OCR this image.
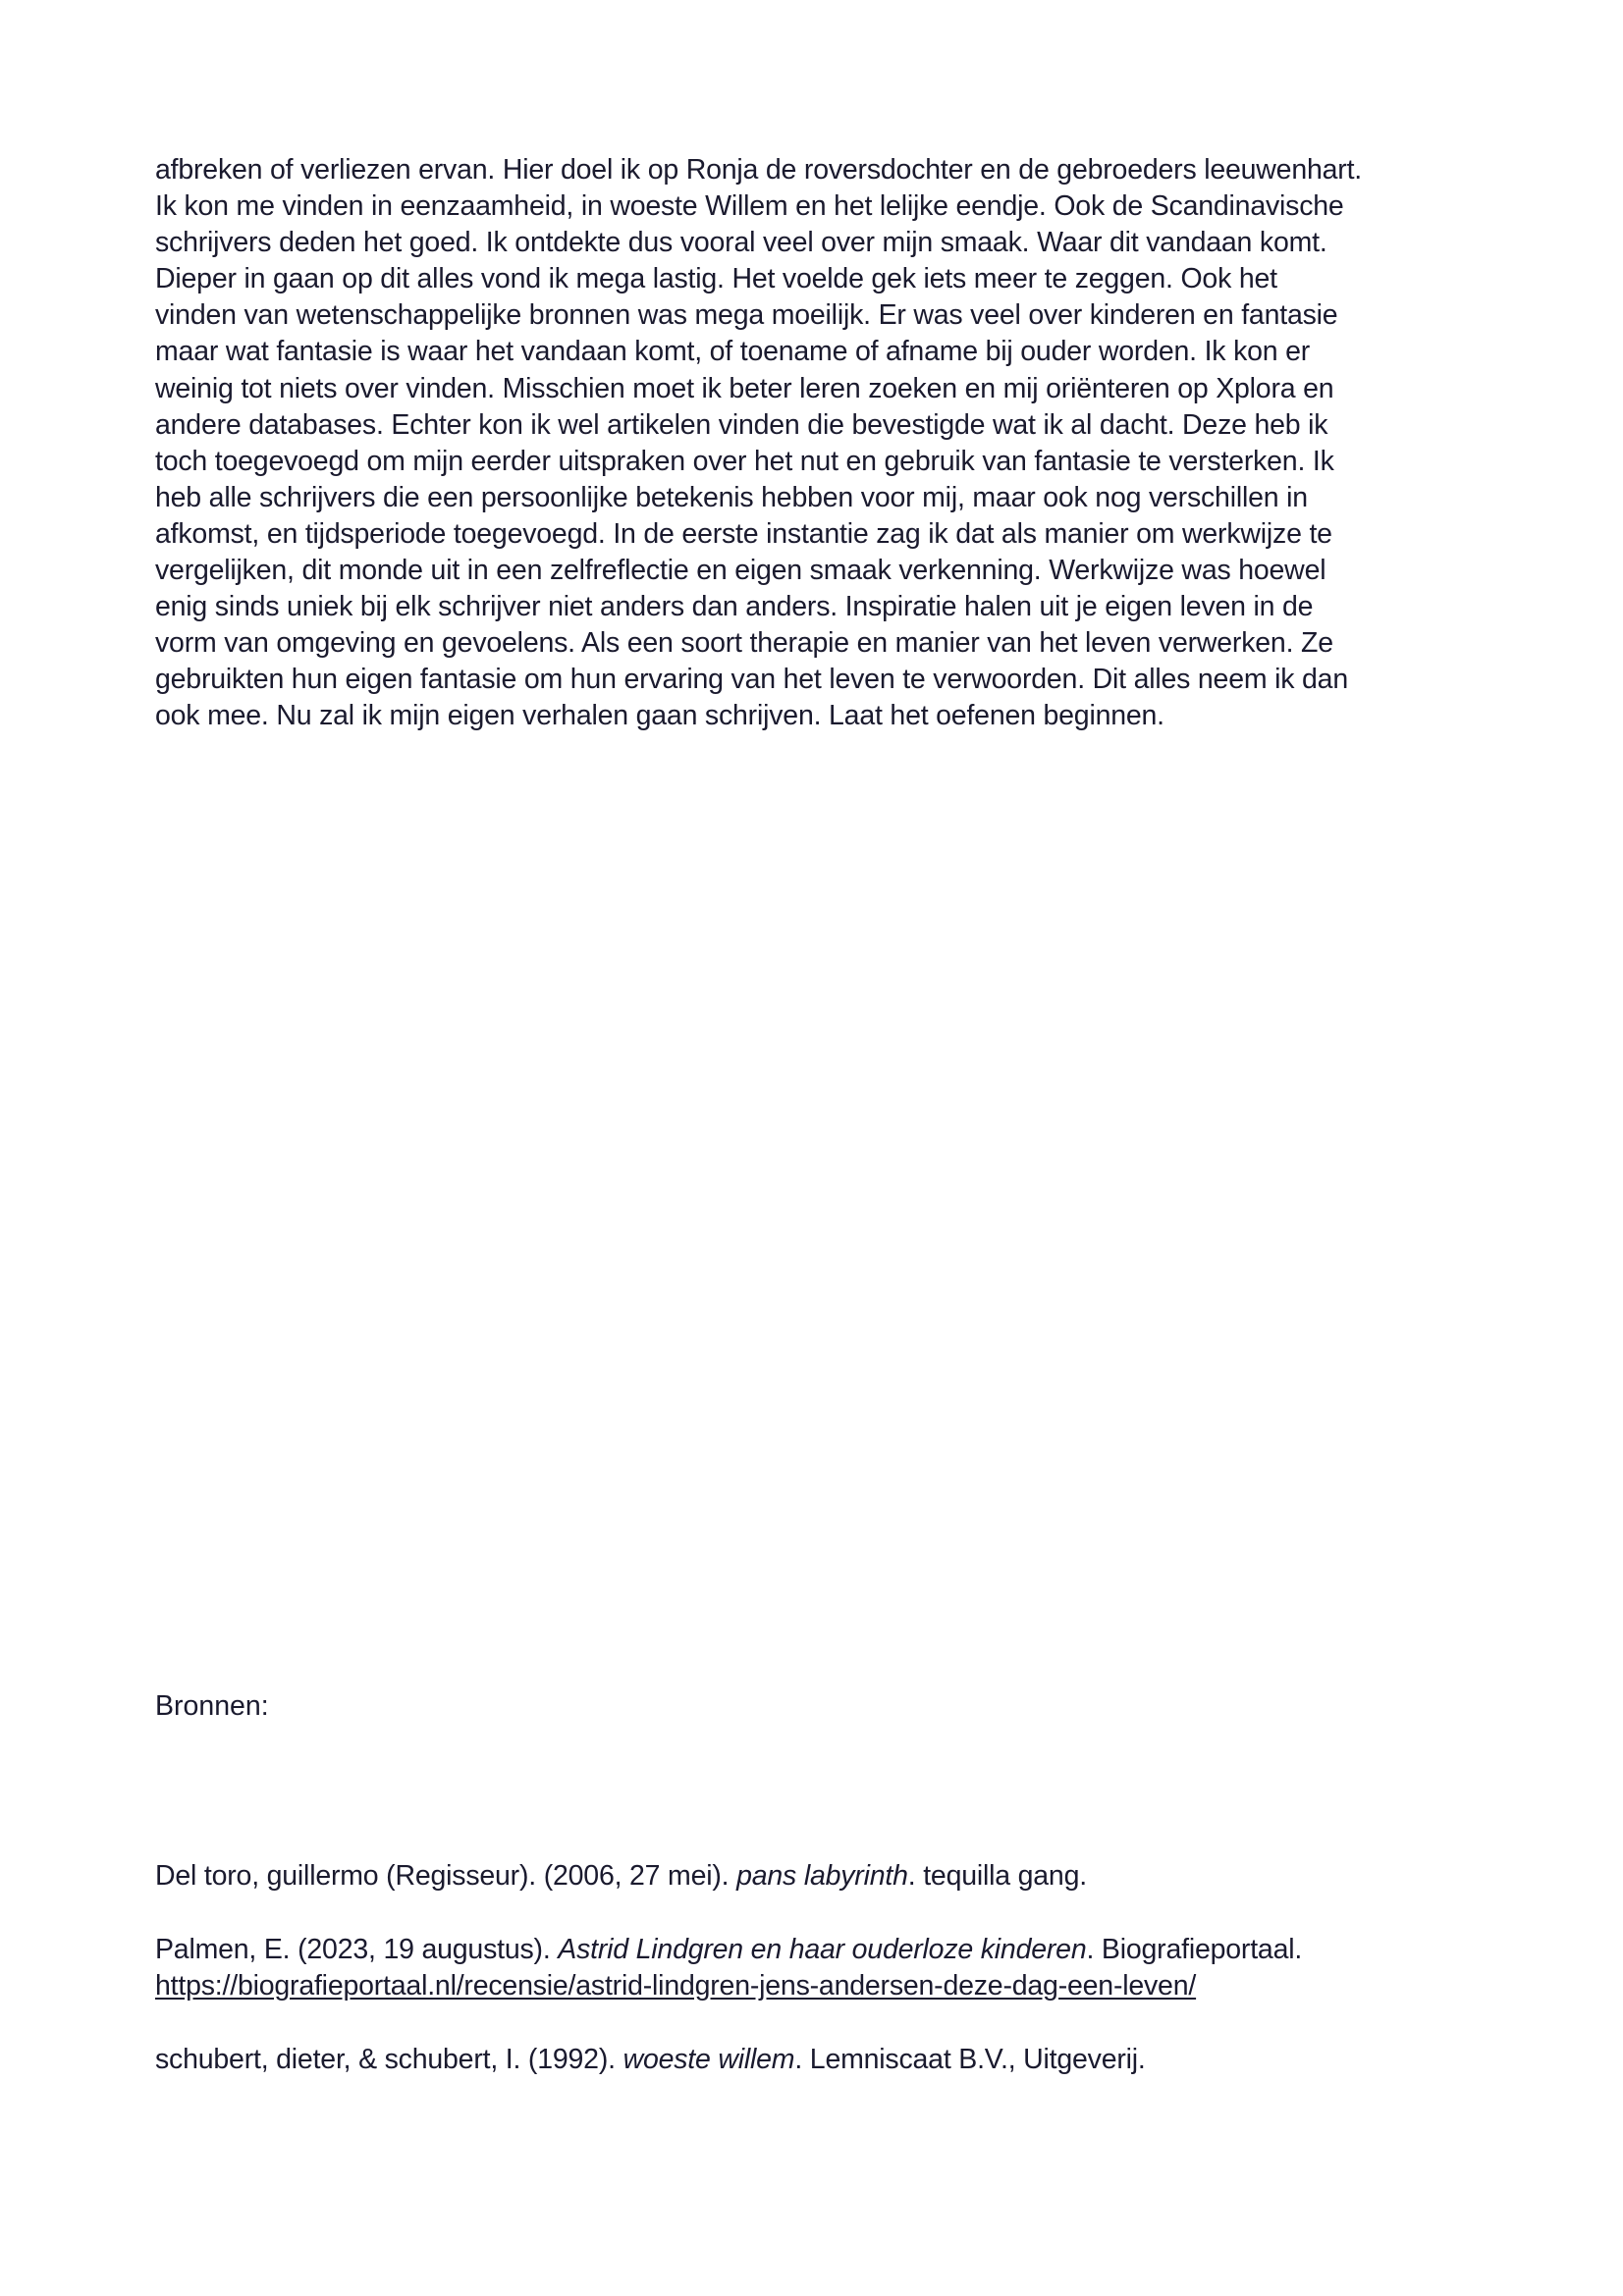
afbreken of verliezen ervan. Hier doel ik op Ronja de roversdochter en de gebroeders leeuwenhart.
Ik kon me vinden in eenzaamheid, in woeste Willem en het lelijke eendje. Ook de Scandinavische
schrijvers deden het goed. Ik ontdekte dus vooral veel over mijn smaak. Waar dit vandaan komt.
Dieper in gaan op dit alles vond ik mega lastig. Het voelde gek iets meer te zeggen. Ook het
vinden van wetenschappelijke bronnen was mega moeilijk. Er was veel over kinderen en fantasie
maar wat fantasie is waar het vandaan komt, of toename of afname bij ouder worden. Ik kon er
weinig tot niets over vinden. Misschien moet ik beter leren zoeken en mij oriënteren op Xplora en
andere databases. Echter kon ik wel artikelen vinden die bevestigde wat ik al dacht. Deze heb ik
toch toegevoegd om mijn eerder uitspraken over het nut en gebruik van fantasie te versterken. Ik
heb alle schrijvers die een persoonlijke betekenis hebben voor mij, maar ook nog verschillen in
afkomst, en tijdsperiode toegevoegd. In de eerste instantie zag ik dat als manier om werkwijze te
vergelijken, dit monde uit in een zelfreflectie en eigen smaak verkenning. Werkwijze was hoewel
enig sinds uniek bij elk schrijver niet anders dan anders. Inspiratie halen uit je eigen leven in de
vorm van omgeving en gevoelens. Als een soort therapie en manier van het leven verwerken. Ze
gebruikten hun eigen fantasie om hun ervaring van het leven te verwoorden. Dit alles neem ik dan
ook mee. Nu zal ik mijn eigen verhalen gaan schrijven. Laat het oefenen beginnen.
Bronnen:
Del toro, guillermo (Regisseur). (2006, 27 mei). pans labyrinth. tequilla gang.
Palmen, E. (2023, 19 augustus). Astrid Lindgren en haar ouderloze kinderen. Biografieportaal.
https://biografieportaal.nl/recensie/astrid-lindgren-jens-andersen-deze-dag-een-leven/
schubert, dieter, & schubert, I. (1992). woeste willem. Lemniscaat B.V., Uitgeverij.
